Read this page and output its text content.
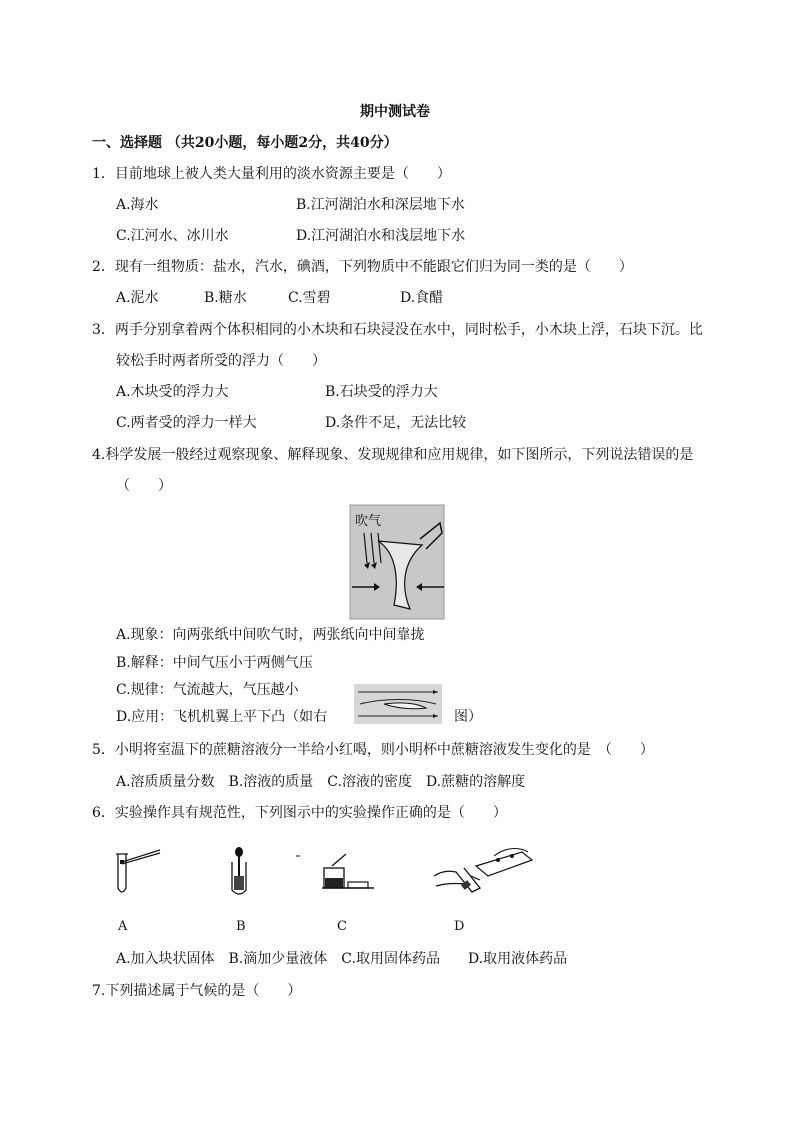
期中测试卷
一、选择题 （共20小题，每小题2分，共40分）
1．目前地球上被人类大量利用的淡水资源主要是（　　）
A.海水	B.江河湖泊水和深层地下水
C.江河水、冰川水	D.江河湖泊水和浅层地下水
2．现有一组物质：盐水，汽水，碘酒，下列物质中不能跟它们归为同一类的是（　　）
A.泥水	B.糖水	C.雪碧	D.食醋
3．两手分别拿着两个体积相同的小木块和石块浸没在水中，同时松手，小木块上浮，石块下沉。比
较松手时两者所受的浮力（　　）
A.木块受的浮力大	B.石块受的浮力大
C.两者受的浮力一样大	D.条件不足，无法比较
4.科学发展一般经过观察现象、解释现象、发现规律和应用规律，如下图所示，下列说法错误的是
（　　）
吹气
A.现象：向两张纸中间吹气时，两张纸向中间靠拢
B.解释：中间气压小于两侧气压
C.规律：气流越大，气压越小
D.应用：飞机机翼上平下凸（如右	图）
5．小明将室温下的蔗糖溶液分一半给小红喝，则小明杯中蔗糖溶液发生变化的是　（　　）
A.溶质质量分数　B.溶液的质量　C.溶液的密度　D.蔗糖的溶解度
6．实验操作具有规范性，下列图示中的实验操作正确的是（　　）
A	B	C	D
A.加入块状固体　B.滴加少量液体　C.取用固体药品　　D.取用液体药品
7.下列描述属于气候的是（　　）
